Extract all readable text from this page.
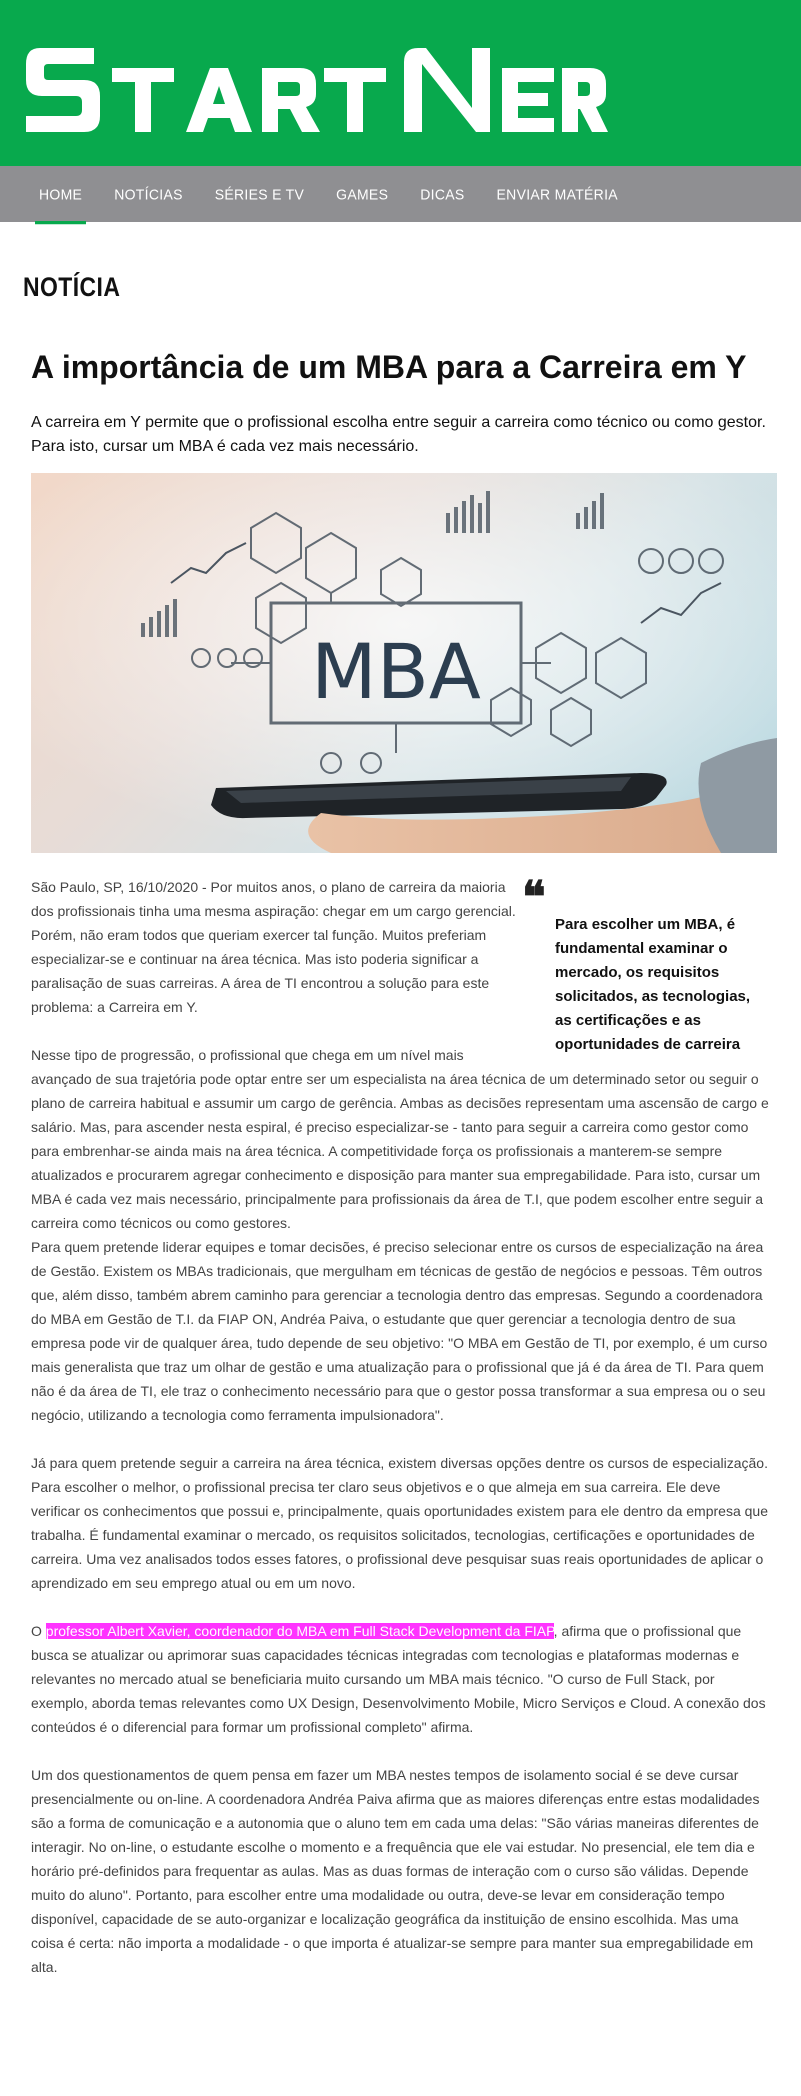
HOME	NOTÍCIAS	SÉRIES E TV	GAMES	DICAS	ENVIAR MATÉRIA
NOTÍCIA
A importância de um MBA para a Carreira em Y

A carreira em Y permite que o profissional escolha entre seguir a carreira como técnico ou como gestor. Para isto, cursar um MBA é cada vez mais necessário.

MBA
❝
Para escolher um MBA, é fundamental examinar o mercado, os requisitos solicitados, as tecnologias, as certificações e as oportunidades de carreira

São Paulo, SP, 16/10/2020 - Por muitos anos, o plano de carreira da maioria dos profissionais tinha uma mesma aspiração: chegar em um cargo gerencial. Porém, não eram todos que queriam exercer tal função. Muitos preferiam especializar-se e continuar na área técnica. Mas isto poderia significar a paralisação de suas carreiras. A área de TI encontrou a solução para este problema: a Carreira em Y.

Nesse tipo de progressão, o profissional que chega em um nível mais avançado de sua trajetória pode optar entre ser um especialista na área técnica de um determinado setor ou seguir o plano de carreira habitual e assumir um cargo de gerência. Ambas as decisões representam uma ascensão de cargo e salário. Mas, para ascender nesta espiral, é preciso especializar-se - tanto para seguir a carreira como gestor como para embrenhar-se ainda mais na área técnica. A competitividade força os profissionais a manterem-se sempre atualizados e procurarem agregar conhecimento e disposição para manter sua empregabilidade. Para isto, cursar um MBA é cada vez mais necessário, principalmente para profissionais da área de T.I, que podem escolher entre seguir a carreira como técnicos ou como gestores.

Para quem pretende liderar equipes e tomar decisões, é preciso selecionar entre os cursos de especialização na área de Gestão. Existem os MBAs tradicionais, que mergulham em técnicas de gestão de negócios e pessoas. Têm outros que, além disso, também abrem caminho para gerenciar a tecnologia dentro das empresas. Segundo a coordenadora do MBA em Gestão de T.I. da FIAP ON, Andréa Paiva, o estudante que quer gerenciar a tecnologia dentro de sua empresa pode vir de qualquer área, tudo depende de seu objetivo: "O MBA em Gestão de TI, por exemplo, é um curso mais generalista que traz um olhar de gestão e uma atualização para o profissional que já é da área de TI. Para quem não é da área de TI, ele traz o conhecimento necessário para que o gestor possa transformar a sua empresa ou o seu negócio, utilizando a tecnologia como ferramenta impulsionadora".

Já para quem pretende seguir a carreira na área técnica, existem diversas opções dentre os cursos de especialização. Para escolher o melhor, o profissional precisa ter claro seus objetivos e o que almeja em sua carreira. Ele deve verificar os conhecimentos que possui e, principalmente, quais oportunidades existem para ele dentro da empresa que trabalha. É fundamental examinar o mercado, os requisitos solicitados, tecnologias, certificações e oportunidades de carreira. Uma vez analisados todos esses fatores, o profissional deve pesquisar suas reais oportunidades de aplicar o aprendizado em seu emprego atual ou em um novo.

O professor Albert Xavier, coordenador do MBA em Full Stack Development da FIAP, afirma que o profissional que busca se atualizar ou aprimorar suas capacidades técnicas integradas com tecnologias e plataformas modernas e relevantes no mercado atual se beneficiaria muito cursando um MBA mais técnico. "O curso de Full Stack, por exemplo, aborda temas relevantes como UX Design, Desenvolvimento Mobile, Micro Serviços e Cloud. A conexão dos conteúdos é o diferencial para formar um profissional completo" afirma.

Um dos questionamentos de quem pensa em fazer um MBA nestes tempos de isolamento social é se deve cursar presencialmente ou on-line. A coordenadora Andréa Paiva afirma que as maiores diferenças entre estas modalidades são a forma de comunicação e a autonomia que o aluno tem em cada uma delas: "São várias maneiras diferentes de interagir. No on-line, o estudante escolhe o momento e a frequência que ele vai estudar. No presencial, ele tem dia e horário pré-definidos para frequentar as aulas. Mas as duas formas de interação com o curso são válidas. Depende muito do aluno". Portanto, para escolher entre uma modalidade ou outra, deve-se levar em consideração tempo disponível, capacidade de se auto-organizar e localização geográfica da instituição de ensino escolhida. Mas uma coisa é certa: não importa a modalidade - o que importa é atualizar-se sempre para manter sua empregabilidade em alta.
